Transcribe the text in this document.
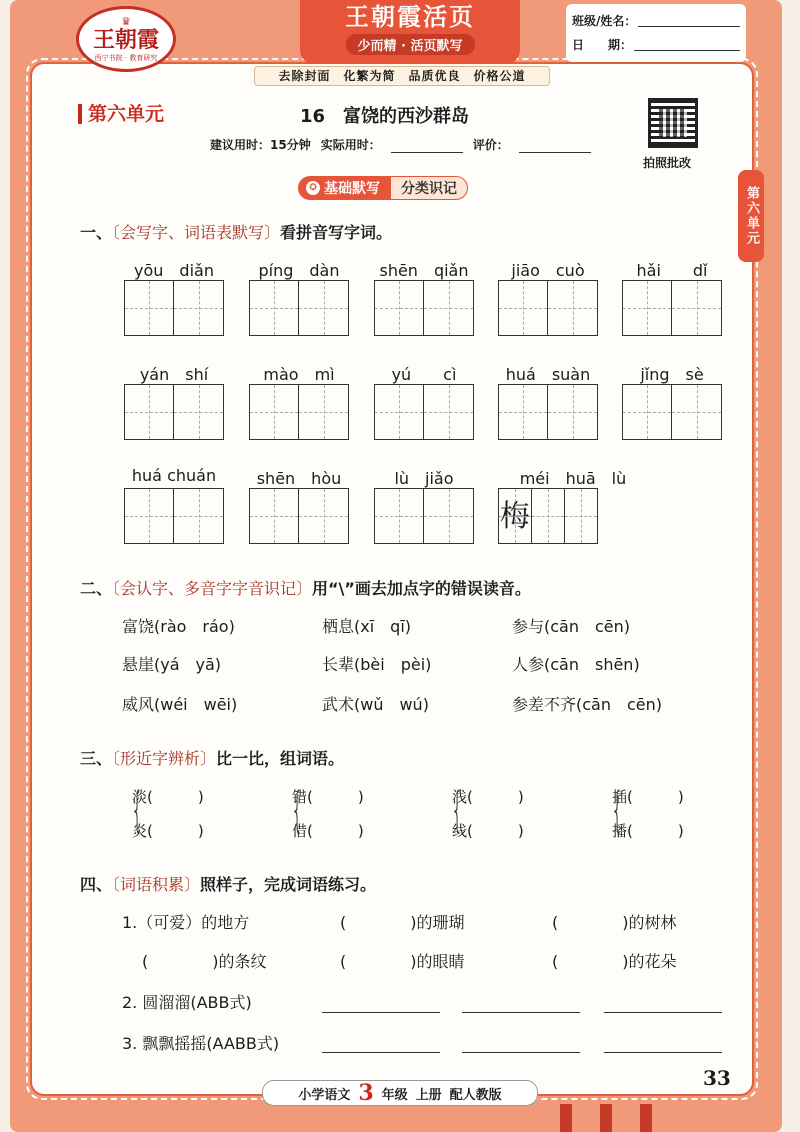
♛
王朝霞
西宁书院 · 教育研究
王朝霞活页
少而精 · 活页默写
班级/姓名：
日　　期：
去除封面　化繁为简　品质优良　价格公道
第六单元	16　富饶的西沙群岛
建议用时：15分钟 实际用时：	评价：
拍照批改
第六单元
✪ 基础默写	分类识记
一、〔会写字、词语表默写〕看拼音写字词。
yōu　diǎn	píng　dàn	shēn　qiǎn	jiāo　cuò	hǎi　　dǐ
yán　shí	mào　mì	yú　　cì	huá　suàn	jǐng　sè
huá chuán	shēn　hòu	lù　jiǎo	méi　huā　lù
梅
二、〔会认字、多音字字音识记〕用“\”画去加点字的错误读音。
富饶(rào　ráo)	栖息(xī　qī)	参与(cān　cēn)
悬崖(yá　yā)	长辈(bèi　pèi)	人参(cān　shēn)
威风(wéi　wēi)	武术(wǔ　wú)	参差不齐(cān　cēn)
三、〔形近字辨析〕比一比，组词语。
{
淡(　　　)
炎(　　　) {
错(　　　)
借(　　　) {
浅(　　　)
线(　　　) {
插(　　　)
播(　　　)
四、〔词语积累〕照样子，完成词语练习。
1.（可爱）的地方	(　　　　)的珊瑚	(　　　　)的树林
(　　　　)的条纹	(　　　　)的眼睛	(　　　　)的花朵
2. 圆溜溜(ABB式)
3. 飘飘摇摇(AABB式)
小学语文 3 年级 上册 配人教版
33
